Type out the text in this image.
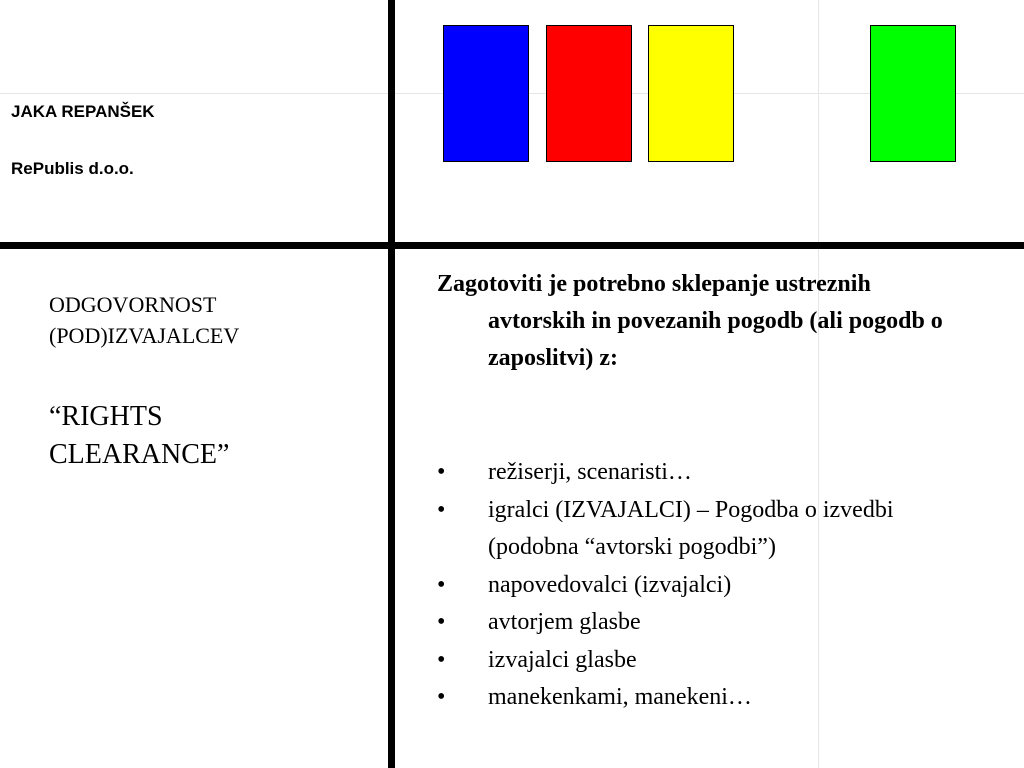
JAKA REPANŠEK
RePublis d.o.o.
ODGOVORNOST
(POD)IZVAJALCEV
“RIGHTS
CLEARANCE”
Zagotoviti je potrebno sklepanje ustreznih avtorskih in povezanih pogodb (ali pogodb o zaposlitvi) z:
• režiserji, scenaristi…
• igralci (IZVAJALCI) – Pogodba o izvedbi (podobna “avtorski pogodbi”)
• napovedovalci (izvajalci)
• avtorjem glasbe
• izvajalci glasbe
• manekenkami, manekeni…
